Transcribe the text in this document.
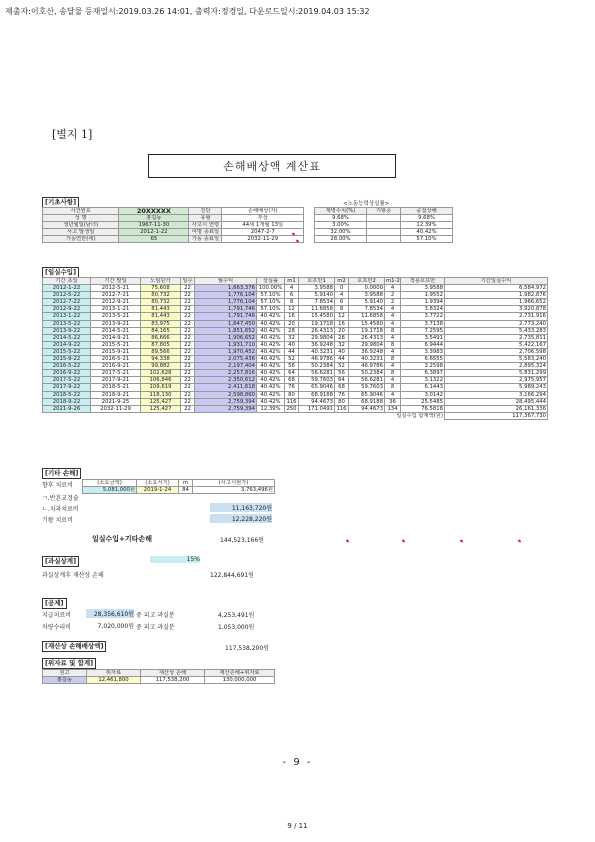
제출자:이호산, 송달물 등재일시:2019.03.26 14:01, 출력자:정경일, 다운로드일시:2019.04.03 15:32
[별지 1]
손해배상액 계산표
[기초사항]	<노동능력상실률>
사건번호	20XXXXX	진단	손해배상(자)
성 명	홍길동	유형	부상
생년월일(남녀)	1967-11-30	사고시 연령	44세 1개월 13일
사고 발생일	2012-1-22	여명 종료일	2047-2-7
가동연한(세)	65	가동 종료일	2032-11-29
재병수치(%)	기왕증	중첩상해
9.68%		9.68%
3.00%		12.39%
32.00%		40.42%
28.00%		57.10%
[일실수입]
기간 초일	기간 말일	노임단가	일수	월수익	상실률	m1	호프만1	m2	호프만2	m1-2	적용호프만	기간일실수익
2012-1-22	2012-5-21	75,608	22	1,663,376	100.00%	4	3.9588	0	0.0000	4	3.9588	6,584,972
2012-5-22	2012-7-21	80,732	22	1,776,104	57.10%	6	5.9140	4	3.9588	2	1.9552	1,982,876
2012-7-22	2012-9-21	80,732	22	1,776,104	57.10%	8	7.8534	6	5.9140	2	1.9394	1,966,652
2012-9-22	2013-1-21	81,443	22	1,791,746	57.10%	12	11.6858	8	7.8534	4	3.8324	3,920,878
2013-1-22	2013-5-21	81,443	22	1,791,746	40.42%	16	15.4580	12	11.6858	4	3.7722	2,731,916
2013-5-22	2013-9-21	83,975	22	1,847,450	40.42%	20	19.1718	16	15.4580	4	3.7138	2,773,240
2013-9-22	2014-5-21	84,165	22	1,851,652	40.42%	28	26.4313	20	19.1718	8	7.2595	5,433,283
2014-5-22	2014-9-21	86,666	22	1,906,652	40.42%	32	29.9804	28	26.4313	4	3.5491	2,735,811
2014-9-22	2015-5-21	87,805	22	1,931,710	40.42%	40	36.9248	32	29.9804	8	6.9444	5,422,167
2015-5-22	2015-9-21	89,566	22	1,970,452	40.42%	44	40.3231	40	36.9248	4	3.3983	2,706,598
2015-9-22	2016-5-21	94,338	22	2,075,436	40.42%	52	46.9786	44	40.3231	8	6.6555	5,583,240
2016-5-22	2016-9-21	99,882	22	2,197,404	40.42%	56	50.2384	52	46.9786	4	3.2598	2,895,324
2016-9-22	2017-5-21	102,628	22	2,257,816	40.42%	64	56.6281	56	50.2384	8	6.3897	5,831,299
2017-5-22	2017-9-21	106,846	22	2,350,612	40.42%	68	59.7603	64	56.6281	4	3.1322	2,975,957
2017-9-22	2018-5-21	109,619	22	2,411,618	40.42%	76	65.9046	68	59.7603	8	6.1443	5,989,243
2018-5-22	2018-9-21	118,130	22	2,598,860	40.42%	80	68.9188	76	65.9046	4	3.0142	3,166,294
2018-9-22	2021-9-25	125,427	22	2,759,394	40.42%	116	94.4673	80	68.9188	36	25.5485	28,495,444
2021-9-26	2032-11-29	125,427	22	2,759,394	12.39%	250	171.0491	116	94.4673	134	76.5818	26,161,336
일실수입 합계액(원)												117,367,730
[기타 손해]
향후 치료비	(소요금액)	(소요시기)	m	(사고시현가)
5,081,000원	2019-1-24	84	3,763,496원
ㄱ.반흔교정술
ㄴ.치과치료비	11,163,720원
기왕 치료비	12,228,220원
일실수입+기타손해	144,523,166원
[과실상계]	15%
과실상계후 재산상 손해	122,844,691원
[공제]
지급치료비	28,356,610원 중 피고 과실분	4,253,491원
차량수리비	7,020,000원 중 피고 과실분	1,053,000원
[재산상 손해배상액]	117,538,200원
[위자료 및 합계]
원고	위자료	재산상 손해	재산손해+위자료
홍길동	12,461,800	117,538,200	130,000,000
- 9 -
9 / 11
